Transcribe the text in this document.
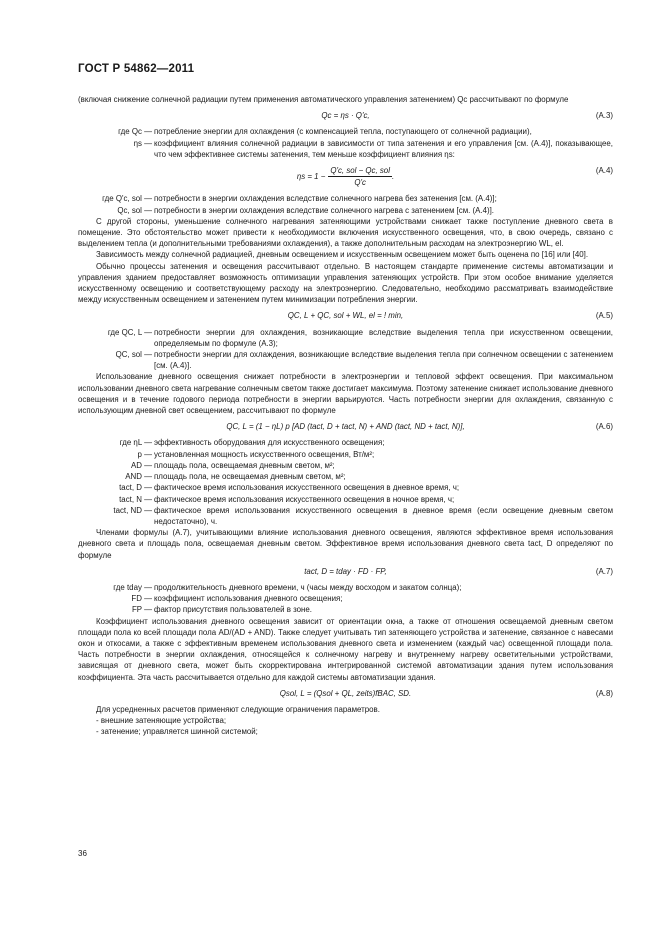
ГОСТ Р 54862—2011

(включая снижение солнечной радиации путем применения автоматического управления затенением) Qc рассчитывают по формуле

Qc = ηs · Q'c,	(А.3)
где Qc — потребление энергии для охлаждения (с компенсацией тепла, поступающего от солнечной радиации),
ηs — коэффициент влияния солнечной радиации в зависимости от типа затенения и его управления [см. (А.4)], показывающее, что чем эффективнее системы затенения, тем меньше коэффициент влияния ηs:
$\eta s = 1 - \frac{\text{Q'c, sol − Qc, sol}}{Q'c}$ .
(А.4)
где Q'c, sol — потребности в энергии охлаждения вследствие солнечного нагрева без затенения [см. (А.4)];
Qc, sol — потребности в энергии охлаждения вследствие солнечного нагрева с затенением [см. (А.4)].

С другой стороны, уменьшение солнечного нагревания затеняющими устройствами снижает также поступление дневного света в помещение. Это обстоятельство может привести к необходимости включения искусственного освещения, что, в свою очередь, связано с выделением тепла (и дополнительными требованиями охлаждения), а также дополнительным расходам на электроэнергию WL, el.

Зависимость между солнечной радиацией, дневным освещением и искусственным освещением может быть оценена по [16] или [40].

Обычно процессы затенения и освещения рассчитывают отдельно. В настоящем стандарте применение системы автоматизации и управления зданием предоставляет возможность оптимизации управления затеняющих устройств. При этом особое внимание уделяется искусственному освещению и соответствующему расходу на электроэнергию. Следовательно, необходимо рассматривать взаимодействие между искусственным освещением и затенением путем минимизации потребления энергии.

QC, L + QC, sol + WL, el = ! min,	(А.5)
где QC, L — потребности энергии для охлаждения, возникающие вследствие выделения тепла при искусственном освещении, определяемым по формуле (А.3);
QC, sol — потребности энергии для охлаждения, возникающие вследствие выделения тепла при солнечном освещении с затенением [см. (А.4)].

Использование дневного освещения снижает потребности в электроэнергии и тепловой эффект освещения. При максимальном использовании дневного света нагревание солнечным светом также достигает максимума. Поэтому затенение снижает использование дневного освещения и в течение годового периода потребности в энергии варьируются. Часть потребности энергии для охлаждения, связанную с использующим дневной свет освещением, рассчитывают по формуле

QC, L = (1 − ηL) p [AD (tact, D + tact, N) + AND (tact, ND + tact, N)],	(А.6)
где ηL — эффективность оборудования для искусственного освещения;
p — установленная мощность искусственного освещения, Вт/м²;
AD — площадь пола, освещаемая дневным светом, м²;
AND — площадь пола, не освещаемая дневным светом, м²;
tact, D — фактическое время использования искусственного освещения в дневное время, ч;
tact, N — фактическое время использования искусственного освещения в ночное время, ч;
tact, ND — фактическое время использования искусственного освещения в дневное время (если освещение дневным светом недостаточно), ч.

Членами формулы (А.7), учитывающими влияние использования дневного освещения, являются эффективное время использования дневного света и площадь пола, освещаемая дневным светом. Эффективное время использования дневного света tact, D определяют по формуле

tact, D = tday · FD · FP,	(А.7)
где tday — продолжительность дневного времени, ч (часы между восходом и закатом солнца);
FD — коэффициент использования дневного освещения;
FP — фактор присутствия пользователей в зоне.

Коэффициент использования дневного освещения зависит от ориентации окна, а также от отношения освещаемой дневным светом площади пола ко всей площади пола AD/(AD + AND). Также следует учитывать тип затеняющего устройства и затенение, связанное с навесами окон и откосами, а также с эффективным временем использования дневного света и изменением (каждый час) освещенной площади пола. Часть потребности в энергии охлаждения, относящейся к солнечному нагреву и внутреннему нагреву осветительными устройствами, зависящая от дневного света, может быть скорректирована интегрированной системой автоматизации здания путем использования коэффициента. Эта часть рассчитывается отдельно для каждой системы автоматизации здания.

Qsol, L = (Qsol + QL, zeits)fBAC, SD.	(А.8)

Для усредненных расчетов применяют следующие ограничения параметров.

- внешние затеняющие устройства;

- затенение; управляется шинной системой;

36
